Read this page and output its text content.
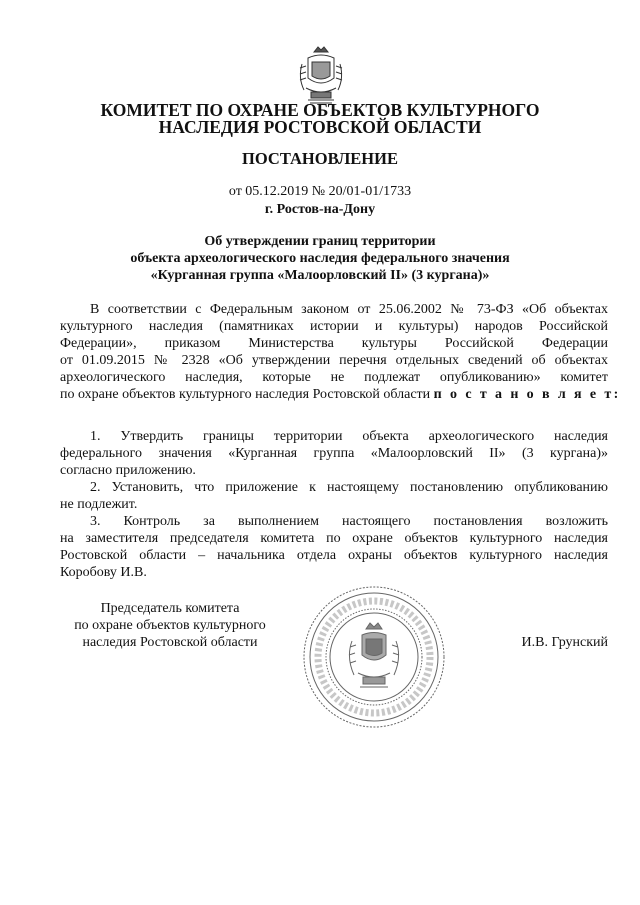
КОМИТЕТ ПО ОХРАНЕ ОБЪЕКТОВ КУЛЬТУРНОГО
НАСЛЕДИЯ РОСТОВСКОЙ ОБЛАСТИ
ПОСТАНОВЛЕНИЕ
от 05.12.2019 № 20/01-01/1733
г. Ростов-на-Дону
Об утверждении границ территории
объекта археологического наследия федерального значения
«Курганная группа «Малоорловский II» (3 кургана)»
В соответствии с Федеральным законом от 25.06.2002 № 73-ФЗ «Об объектах
культурного наследия (памятниках истории и культуры) народов Российской
Федерации», приказом Министерства культуры Российской Федерации
от 01.09.2015 № 2328 «Об утверждении перечня отдельных сведений об объектах
археологического наследия, которые не подлежат опубликованию» комитет
по охране объектов культурного наследия Ростовской области п о с т а н о в л я е т:
1. Утвердить границы территории объекта археологического наследия
федерального значения «Курганная группа «Малоорловский II» (3 кургана)»
согласно приложению.
2. Установить, что приложение к настоящему постановлению опубликованию
не подлежит.
3. Контроль за выполнением настоящего постановления возложить
на заместителя председателя комитета по охране объектов культурного наследия
Ростовской области – начальника отдела охраны объектов культурного наследия
Коробову И.В.
Председатель комитета
по охране объектов культурного
наследия Ростовской области	И.В. Грунский
